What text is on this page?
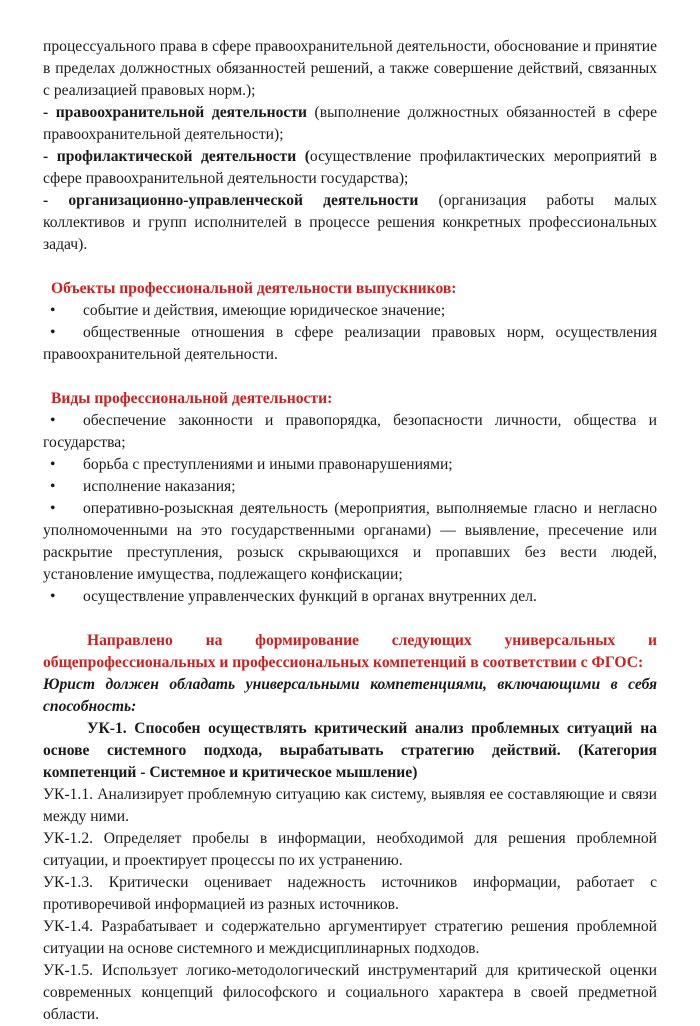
процессуального права в сфере правоохранительной деятельности, обоснование и принятие в пределах должностных обязанностей решений, а также совершение действий, связанных с реализацией правовых норм.);

- правоохранительной деятельности (выполнение должностных обязанностей в сфере правоохранительной деятельности);

- профилактической деятельности (осуществление профилактических мероприятий в сфере правоохранительной деятельности государства);

- организационно-управленческой деятельности (организация работы малых коллективов и групп исполнителей в процессе решения конкретных профессиональных задач).

Объекты профессиональной деятельности выпускников:

• событие и действия, имеющие юридическое значение;

• общественные отношения в сфере реализации правовых норм, осуществления правоохранительной деятельности.

Виды профессиональной деятельности:

• обеспечение законности и правопорядка, безопасности личности, общества и государства;

• борьба с преступлениями и иными правонарушениями;

• исполнение наказания;

• оперативно-розыскная деятельность (мероприятия, выполняемые гласно и негласно уполномоченными на это государственными органами) — выявление, пресечение или раскрытие преступления, розыск скрывающихся и пропавших без вести людей, установление имущества, подлежащего конфискации;

• осуществление управленческих функций в органах внутренних дел.

Направлено на формирование следующих универсальных и общепрофессиональных и профессиональных компетенций в соответствии с ФГОС:

Юрист должен обладать универсальными компетенциями, включающими в себя способность:

УК-1. Способен осуществлять критический анализ проблемных ситуаций на основе системного подхода, вырабатывать стратегию действий. (Категория компетенций - Системное и критическое мышление)

УК-1.1. Анализирует проблемную ситуацию как систему, выявляя ее составляющие и связи между ними.

УК-1.2. Определяет пробелы в информации, необходимой для решения проблемной ситуации, и проектирует процессы по их устранению.

УК-1.3. Критически оценивает надежность источников информации, работает с противоречивой информацией из разных источников.

УК-1.4. Разрабатывает и содержательно аргументирует стратегию решения проблемной ситуации на основе системного и междисциплинарных подходов.

УК-1.5. Использует логико-методологический инструментарий для критической оценки современных концепций философского и социального характера в своей предметной области.
